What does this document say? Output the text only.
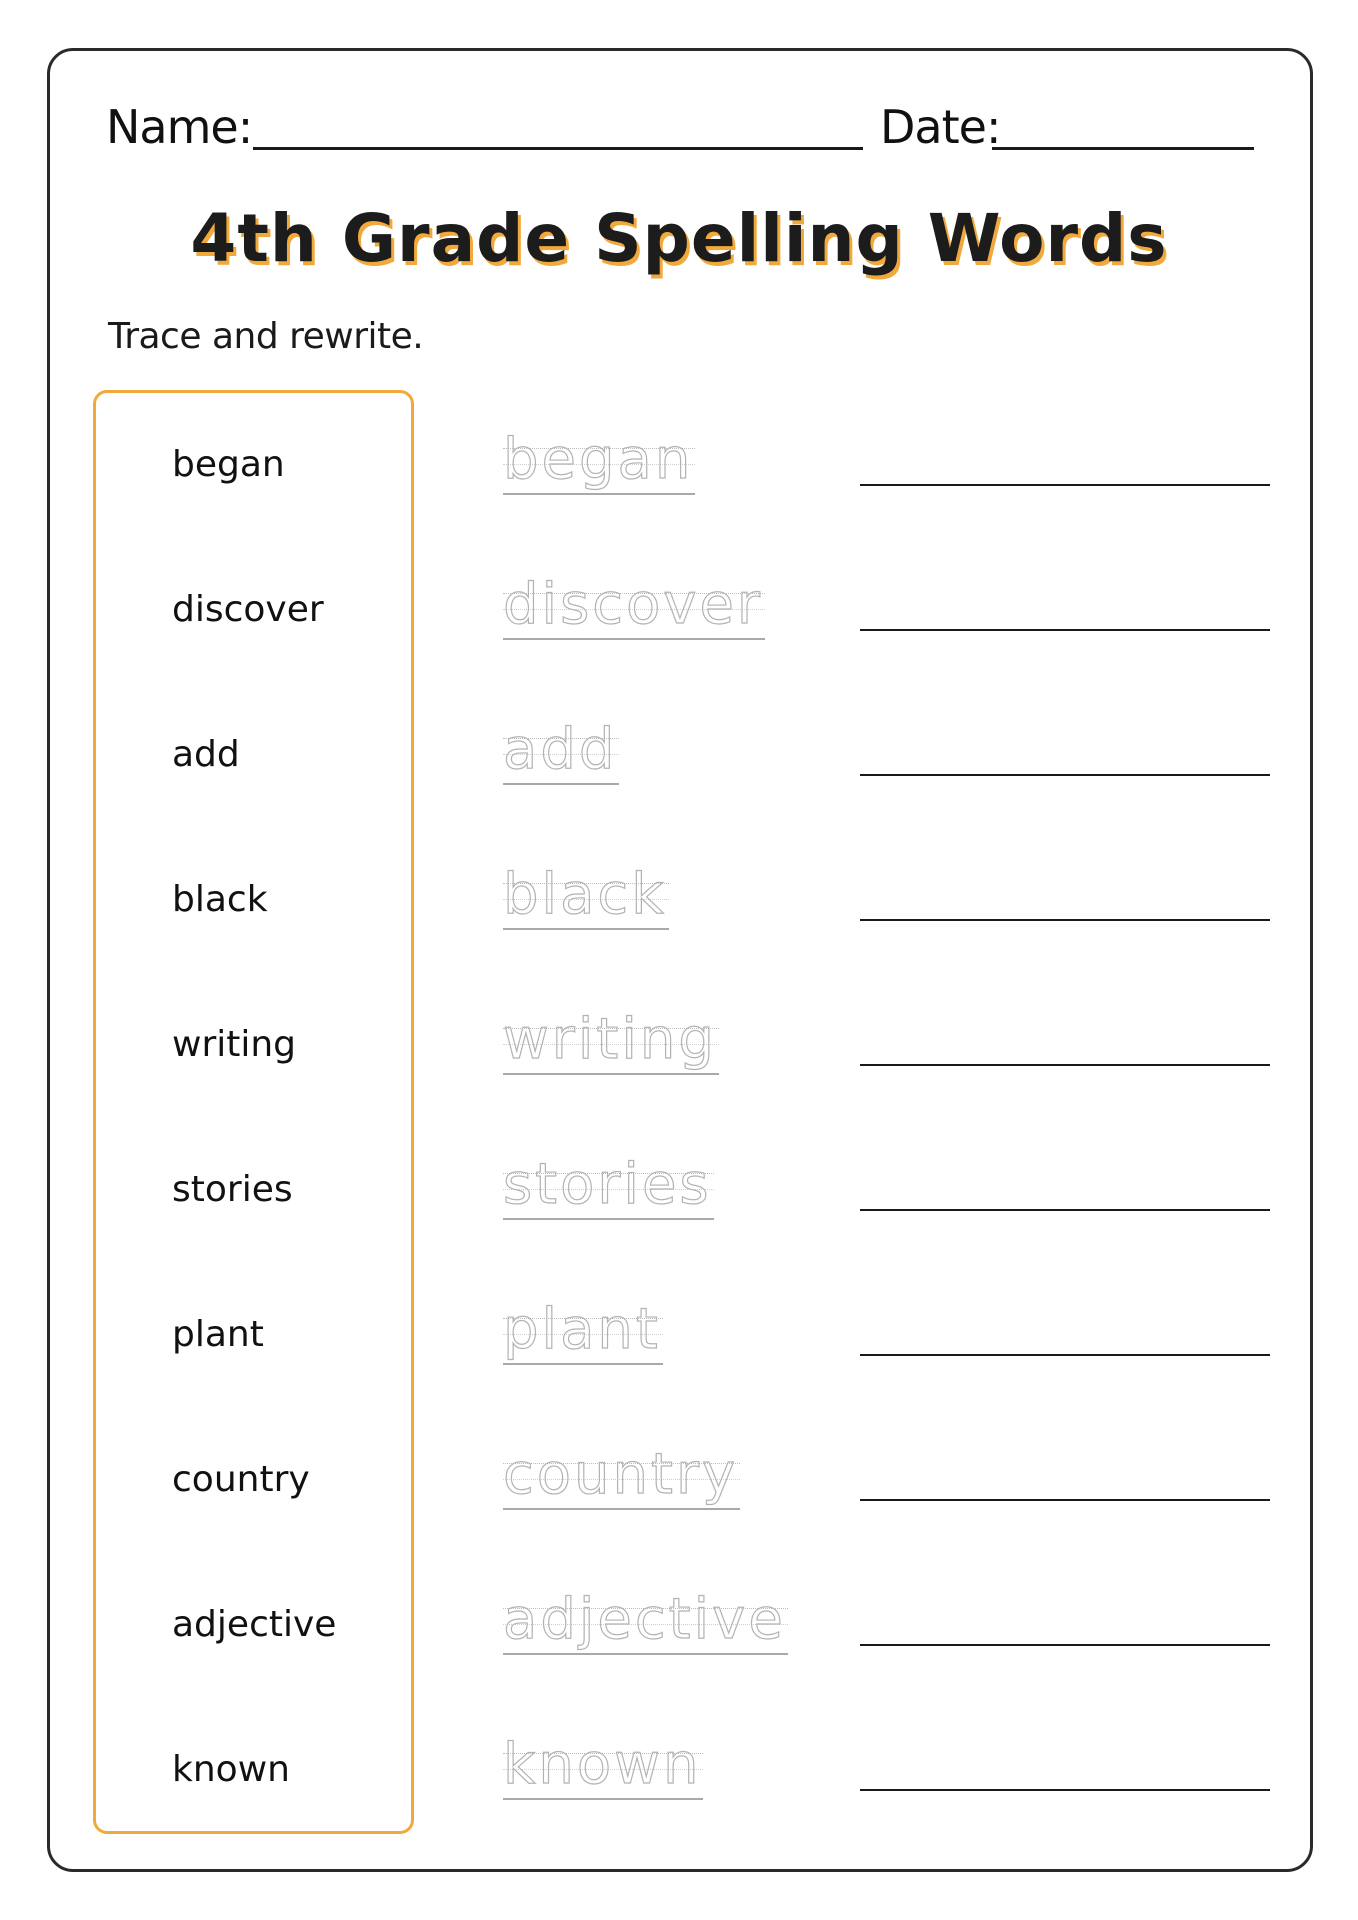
Name:	Date:
4th Grade Spelling Words
Trace and rewrite.
began	began
discover	discover
add	add
black	black
writing	writing
stories	stories
plant	plant
country	country
adjective	adjective
known	known
